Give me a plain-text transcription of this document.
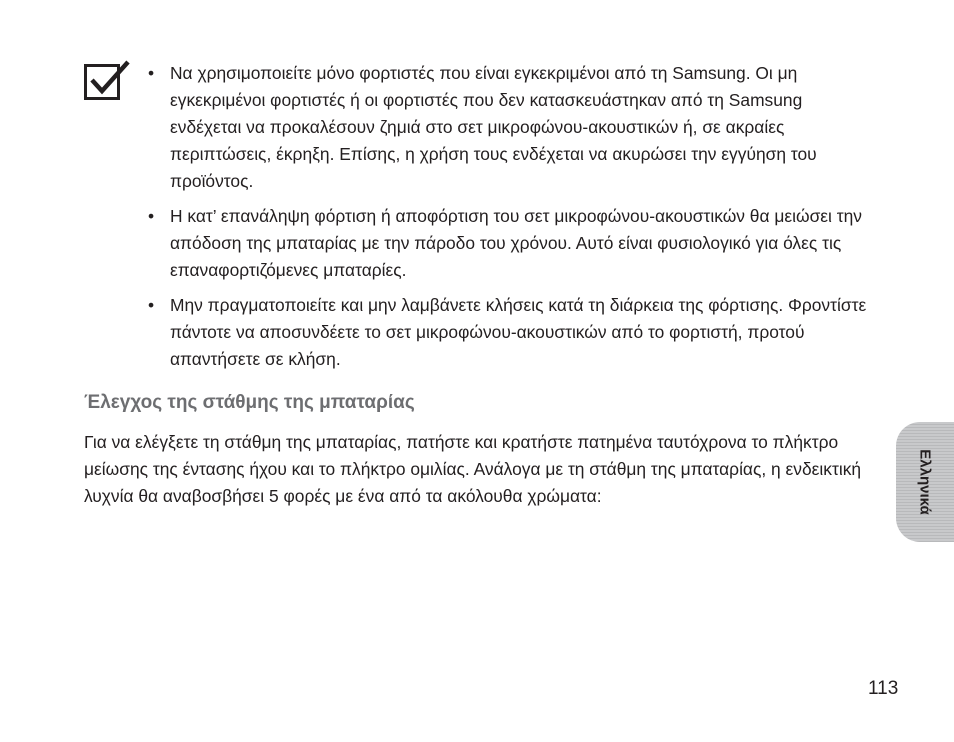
• Να χρησιμοποιείτε μόνο φορτιστές που είναι εγκεκριμένοι από τη Samsung. Οι μη εγκεκριμένοι φορτιστές ή οι φορτιστές που δεν κατασκευάστηκαν από τη Samsung ενδέχεται να προκαλέσουν ζημιά στο σετ μικροφώνου-ακουστικών ή, σε ακραίες περιπτώσεις, έκρηξη. Επίσης, η χρήση τους ενδέχεται να ακυρώσει την εγγύηση του προϊόντος.
• Η κατ’ επανάληψη φόρτιση ή αποφόρτιση του σετ μικροφώνου-ακουστικών θα μειώσει την απόδοση της μπαταρίας με την πάροδο του χρόνου. Αυτό είναι φυσιολογικό για όλες τις επαναφορτιζόμενες μπαταρίες.
• Μην πραγματοποιείτε και μην λαμβάνετε κλήσεις κατά τη διάρκεια της φόρτισης. Φροντίστε πάντοτε να αποσυνδέετε το σετ μικροφώνου-ακουστικών από το φορτιστή, προτού απαντήσετε σε κλήση.
Έλεγχος της στάθμης της μπαταρίας

Για να ελέγξετε τη στάθμη της μπαταρίας, πατήστε και κρατήστε πατημένα ταυτόχρονα το πλήκτρο μείωσης της έντασης ήχου και το πλήκτρο ομιλίας. Ανάλογα με τη στάθμη της μπαταρίας, η ενδεικτική λυχνία θα αναβοσβήσει 5 φορές με ένα από τα ακόλουθα χρώματα:	Ελληνικά
113
